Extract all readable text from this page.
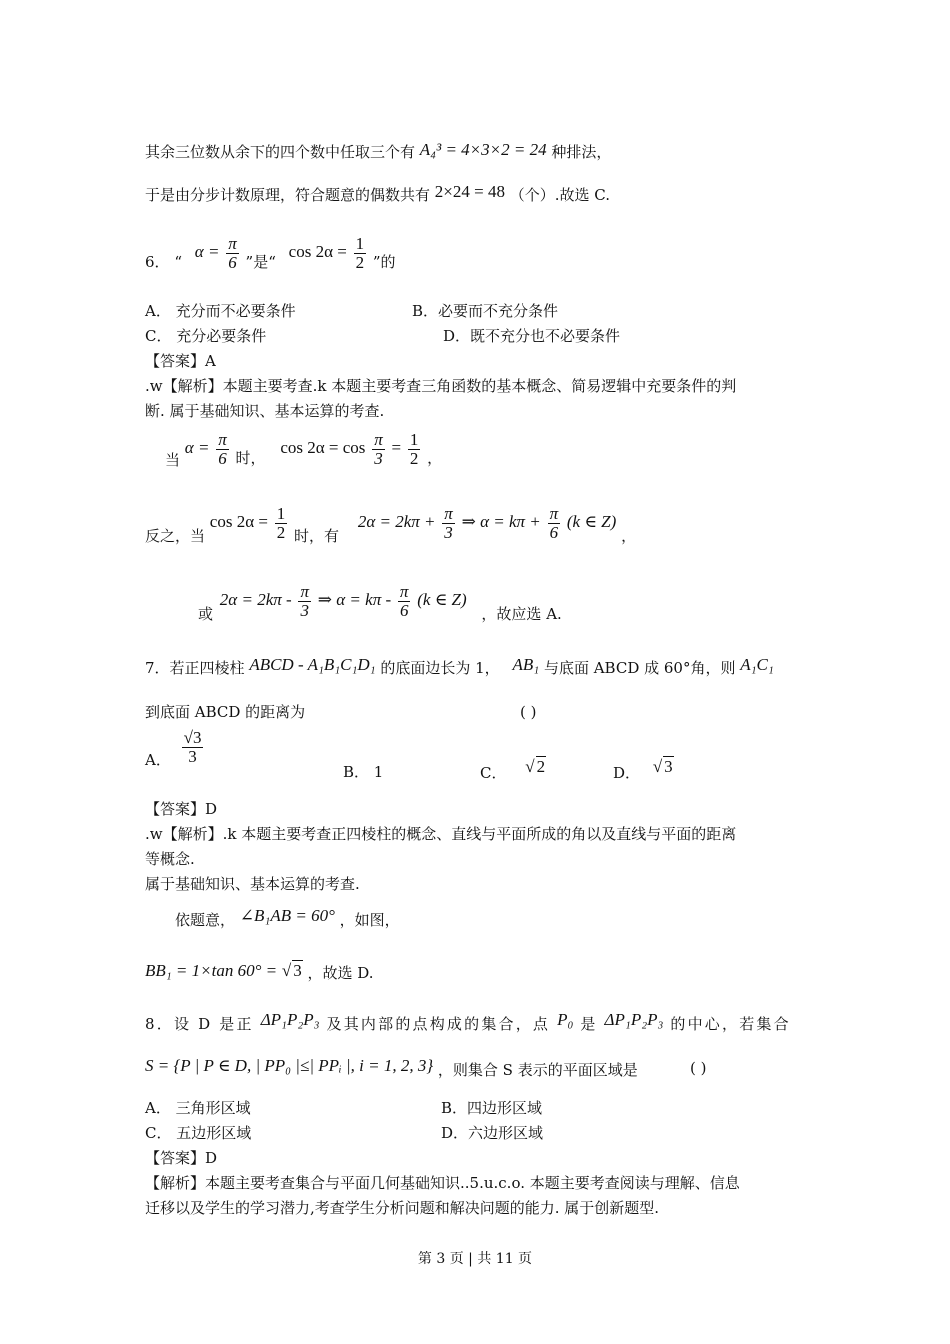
其余三位数从余下的四个数中任取三个有 A₄³ = 4×3×2 = 24 种排法，
于是由分步计数原理，符合题意的偶数共有 2×24 = 48 （个）.故选 C.
6． “ $\alpha = \frac{\pi}{6}$ ”是“ $\cos 2\alpha = \frac{1}{2}$ ”的
A． 充分而不必要条件	B．必要而不充分条件
C． 充分必要条件	D．既不充分也不必要条件
【答案】A
.w【解析】本题主要考查.k 本题主要考查三角函数的基本概念、简易逻辑中充要条件的判
断. 属于基础知识、基本运算的考查.
当 $\alpha = \frac{\pi}{6}$ 时， $\cos 2\alpha = \cos \frac{\pi}{3} = \frac{1}{2}$ ，
反之，当 $\cos 2\alpha = \frac{1}{2}$ 时，有 $2\alpha = 2k\pi + \frac{\pi}{3}$ ⇒ $\alpha = k\pi + \frac{\pi}{6} (k$ ∈ Z) ，
或 $2\alpha = 2k\pi - \frac{\pi}{3}$ ⇒ $\alpha = k\pi - \frac{\pi}{6} (k$ ∈ Z) ，故应选 A.
7．若正四棱柱 ABCD - A₁B₁C₁D₁ 的底面边长为 1， AB₁ 与底面 ABCD 成 60°角，则 A₁C₁
到底面 ABCD 的距离为	( )
A． $\frac{√3}{3}$
B． 1	C． √ 2	D． √ 3
【答案】D
.w【解析】.k 本题主要考查正四棱柱的概念、直线与平面所成的角以及直线与平面的距离
等概念.
属于基础知识、基本运算的考查.
依题意， ∠B₁AB = 60° ，如图，
BB₁ = 1×tan 60° = √ 3 ，故选 D.
8．设 D 是正 ΔP₁P₂P₃ 及其内部的点构成的集合，点 P₀ 是 ΔP₁P₂P₃ 的中心，若集合
S = {P | P ∈ D, | PP₀ |≤| PPᵢ |, i = 1, 2, 3} ，则集合 S 表示的平面区域是	( )
A． 三角形区域	B．四边形区域
C． 五边形区域	D．六边形区域
【答案】D
【解析】本题主要考查集合与平面几何基础知识..5.u.c.o. 本题主要考查阅读与理解、信息
迁移以及学生的学习潜力,考查学生分析问题和解决问题的能力. 属于创新题型.
第 3 页 | 共 11 页
